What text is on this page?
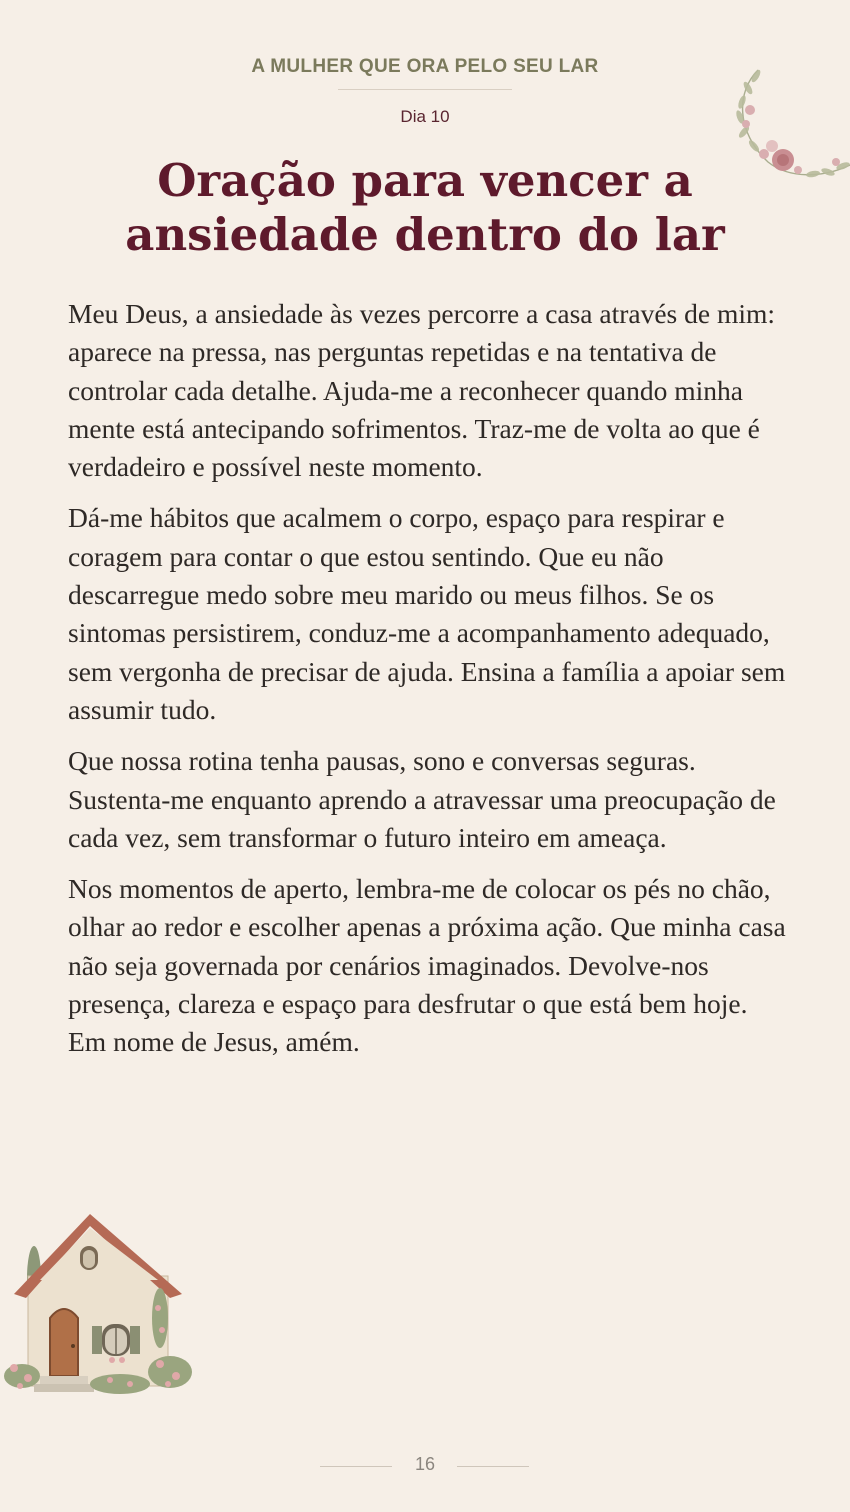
A MULHER QUE ORA PELO SEU LAR
Dia 10
Oração para vencer a
ansiedade dentro do lar

Meu Deus, a ansiedade às vezes percorre a casa através de mim: aparece na pressa, nas perguntas repetidas e na tentativa de controlar cada detalhe. Ajuda-me a reconhecer quando minha mente está antecipando sofrimentos. Traz-me de volta ao que é verdadeiro e possível neste momento.

Dá-me hábitos que acalmem o corpo, espaço para respirar e coragem para contar o que estou sentindo. Que eu não descarregue medo sobre meu marido ou meus filhos. Se os sintomas persistirem, conduz-me a acompanhamento adequado, sem vergonha de precisar de ajuda. Ensina a família a apoiar sem assumir tudo.

Que nossa rotina tenha pausas, sono e conversas seguras. Sustenta-me enquanto aprendo a atravessar uma preocupação de cada vez, sem transformar o futuro inteiro em ameaça.

Nos momentos de aperto, lembra-me de colocar os pés no chão, olhar ao redor e escolher apenas a próxima ação. Que minha casa não seja governada por cenários imaginados. Devolve-nos presença, clareza e espaço para desfrutar o que está bem hoje. Em nome de Jesus, amém.

16
